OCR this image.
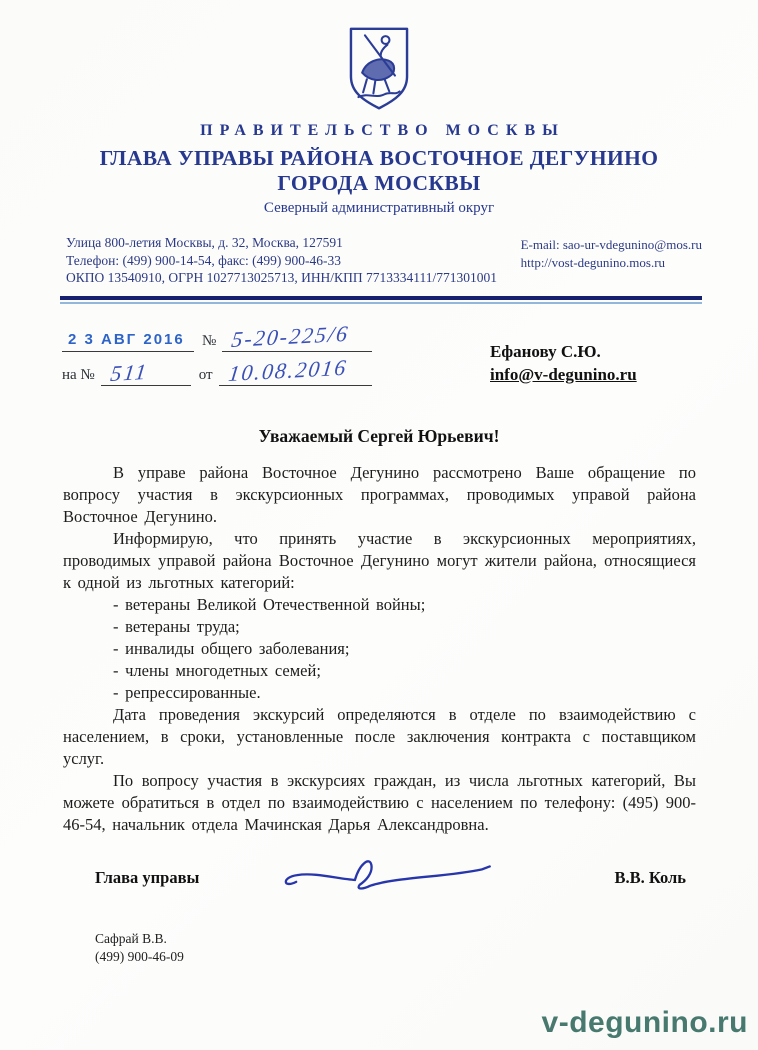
ПРАВИТЕЛЬСТВО МОСКВЫ
ГЛАВА УПРАВЫ РАЙОНА ВОСТОЧНОЕ ДЕГУНИНО
ГОРОДА МОСКВЫ
Северный административный округ
Улица 800-летия Москвы, д. 32, Москва, 127591
Телефон: (499) 900-14-54, факс: (499) 900-46-33
ОКПО 13540910, ОГРН 1027713025713, ИНН/КПП 7713334111/771301001
E-mail: sao-ur-vdegunino@mos.ru
http://vost-degunino.mos.ru
2 3 АВГ 2016	№ 5-20-225/6
на № 511	от 10.08.2016
Ефанову С.Ю.
info@v-degunino.ru
Уважаемый Сергей Юрьевич!

В управе района Восточное Дегунино рассмотрено Ваше обращение по вопросу участия в экскурсионных программах, проводимых управой района Восточное Дегунино.

Информирую, что принять участие в экскурсионных мероприятиях, проводимых управой района Восточное Дегунино могут жители района, относящиеся к одной из льготных категорий:

- ветераны Великой Отечественной войны;
- ветераны труда;
- инвалиды общего заболевания;
- члены многодетных семей;
- репрессированные.

Дата проведения экскурсий определяются в отделе по взаимодействию с населением, в сроки, установленные после заключения контракта с поставщиком услуг.

По вопросу участия в экскурсиях граждан, из числа льготных категорий, Вы можете обратиться в отдел по взаимодействию с населением по телефону: (495) 900-46-54, начальник отдела Мачинская Дарья Александровна.

Глава управы	В.В. Коль
Сафрай В.В.
(499) 900-46-09
v-degunino.ru
